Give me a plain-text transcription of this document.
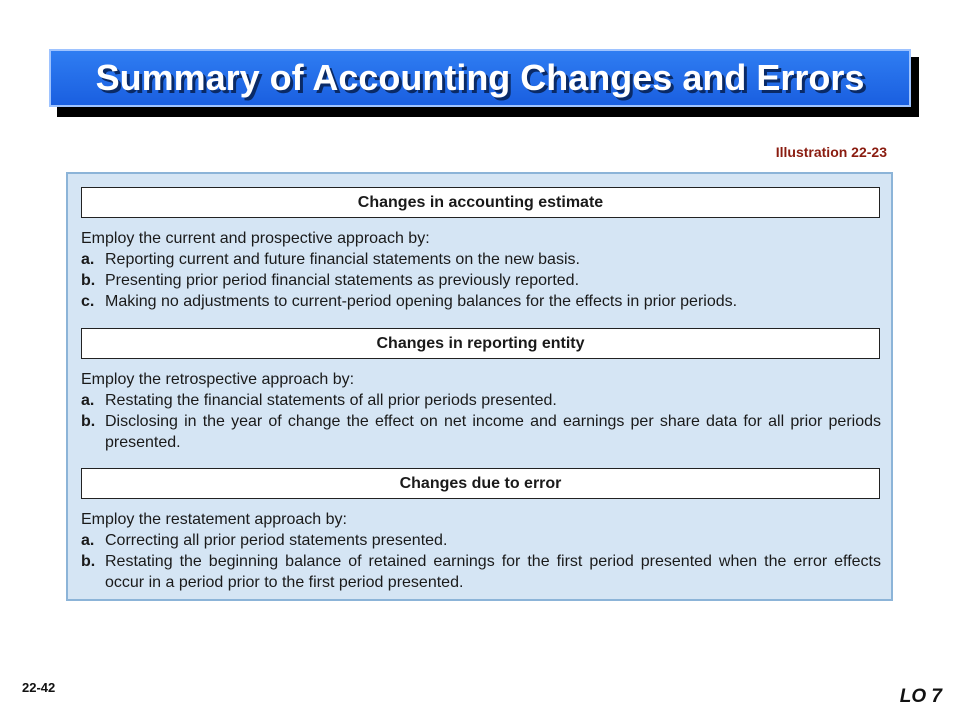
Summary of Accounting Changes and Errors
Illustration 22-23
Changes in accounting estimate
Employ the current and prospective approach by:
a. Reporting current and future financial statements on the new basis.
b. Presenting prior period financial statements as previously reported.
c. Making no adjustments to current-period opening balances for the effects in prior periods.
Changes in reporting entity
Employ the retrospective approach by:
a. Restating the financial statements of all prior periods presented.
b. Disclosing in the year of change the effect on net income and earnings per share data for all prior periods presented.
Changes due to error
Employ the restatement approach by:
a. Correcting all prior period statements presented.
b. Restating the beginning balance of retained earnings for the first period presented when the error effects occur in a period prior to the first period presented.
22-42	LO 7
